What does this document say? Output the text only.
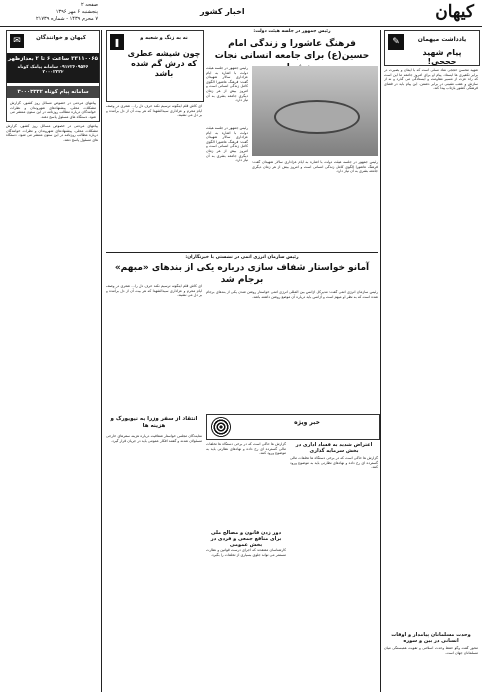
کیهان
اخبار کشور
صفحه ۲
پنجشنبه ۶ مهر ۱۳۹۶
۷ محرم ۱۴۳۹ - شماره ۲۱۷۳۹
✉	کیهان و خوانندگان
۳۳۱۱۰۰۶۵ ساعت ۶ تا ۲ بعدازظهر
۰۹۱۲۳۶۰۹۵۴۶ سامانه پیامک کوتاه ۳۰۰۰۳۳۳۲
سامانه پیام کوتاه ۳۰۰۰۳۳۳۲
پیامهای مردمی در خصوص مسائل روز کشور، گزارش مشکلات محلی، پیشنهادهای شهروندان و نظرات خوانندگان درباره مطالب روزنامه در این ستون منتشر می شود. دستگاه های مسئول پاسخ دهند.
پیامهای مردمی در خصوص مسائل روز کشور، گزارش مشکلات محلی، پیشنهادهای شهروندان و نظرات خوانندگان درباره مطالب روزنامه در این ستون منتشر می شود. دستگاه های مسئول پاسخ دهند.
❚	نه به زنگ و شعبه و
چون شیشه عطری که درش گم شده باشد
ای کاش قلم اینگونه ترسیم نکند حرف دل را... شعری در وصف ایام محرم و عزاداری سیدالشهدا که هر بیت آن از دل برآمده و بر دل می نشیند.
✎	یادداشت میهمان
پیام شهید حججی!
شهید محسن حججی نماد نسلی است که با ایمان و بصیرت در برابر تکفیری ها ایستاد. پیام او برای امروز جامعه ما این است که راه عزت از مسیر مقاومت و ایستادگی می گذرد و نه از سازش و عقب نشینی در برابر دشمن. این پیام باید در فضای فرهنگی کشور بازتاب پیدا کند.
رئیس جمهور در جلسه هیئت دولت:
فرهنگ عاشورا و زندگی امام حسین(ع) برای جامعه انسانی نجات
رئیس جمهور در جلسه هیئت دولت با اشاره به ایام عزاداری سالار شهیدان گفت: فرهنگ عاشورا الگوی کامل زندگی انسانی است و امروز بیش از هر زمان دیگری جامعه بشری به آن نیاز دارد.
رئیس جمهور در جلسه هیئت دولت با اشاره به ایام عزاداری سالار شهیدان گفت: فرهنگ عاشورا الگوی کامل زندگی انسانی است و امروز بیش از هر زمان دیگری جامعه بشری به آن نیاز دارد. رئیس جمهور در جلسه هیئت دولت با اشاره به ایام عزاداری سالار شهیدان گفت: فرهنگ عاشورا الگوی کامل زندگی انسانی است و امروز بیش از هر زمان دیگری جامعه بشری به آن نیاز دارد.
ای کاش قلم اینگونه ترسیم نکند حرف دل را... شعری در وصف ایام محرم و عزاداری سیدالشهدا که هر بیت آن از دل برآمده و بر دل می نشیند.
رئیس سازمان انرژی اتمی در نشستی با خبرنگاران:
آمانو خواستار شفاف سازی درباره یکی از بندهای «مبهم» برجام شد
رئیس سازمان انرژی اتمی گفت: مدیرکل آژانس بین المللی انرژی اتمی خواستار روشن شدن یکی از بندهای برجام شده است که به نظر او مبهم است و آژانس باید درباره آن موضع روشن داشته باشد.
خبر ویژه
اعتراض شدید به فساد اداری در بخش سرمایه گذاری
گزارش ها حاکی است که در برخی دستگاه ها تخلفات مالی گسترده ای رخ داده و نهادهای نظارتی باید به موضوع ورود کنند.
گزارش ها حاکی است که در برخی دستگاه ها تخلفات مالی گسترده ای رخ داده و نهادهای نظارتی باید به موضوع ورود کنند.
دور زدن قانون و مصالح ملی برای منافع جمعی و فردی در بخش عمومی
کارشناسان معتقدند که اجرای درست قوانین و نظارت مستمر می تواند جلوی بسیاری از تخلفات را بگیرد.
انتقاد از سفر وزرا به نیویورک و هزینه ها
نمایندگان مجلس خواستار شفافیت درباره هزینه سفرهای خارجی مسئولان شدند و گفتند افکار عمومی باید در جریان قرار گیرد.
وحدت مسلمانان پیامدار و اوقات انسانی در بین و سوره
محور گفت وگو حفظ وحدت اسلامی و تقویت همبستگی میان مسلمانان جهان است.
